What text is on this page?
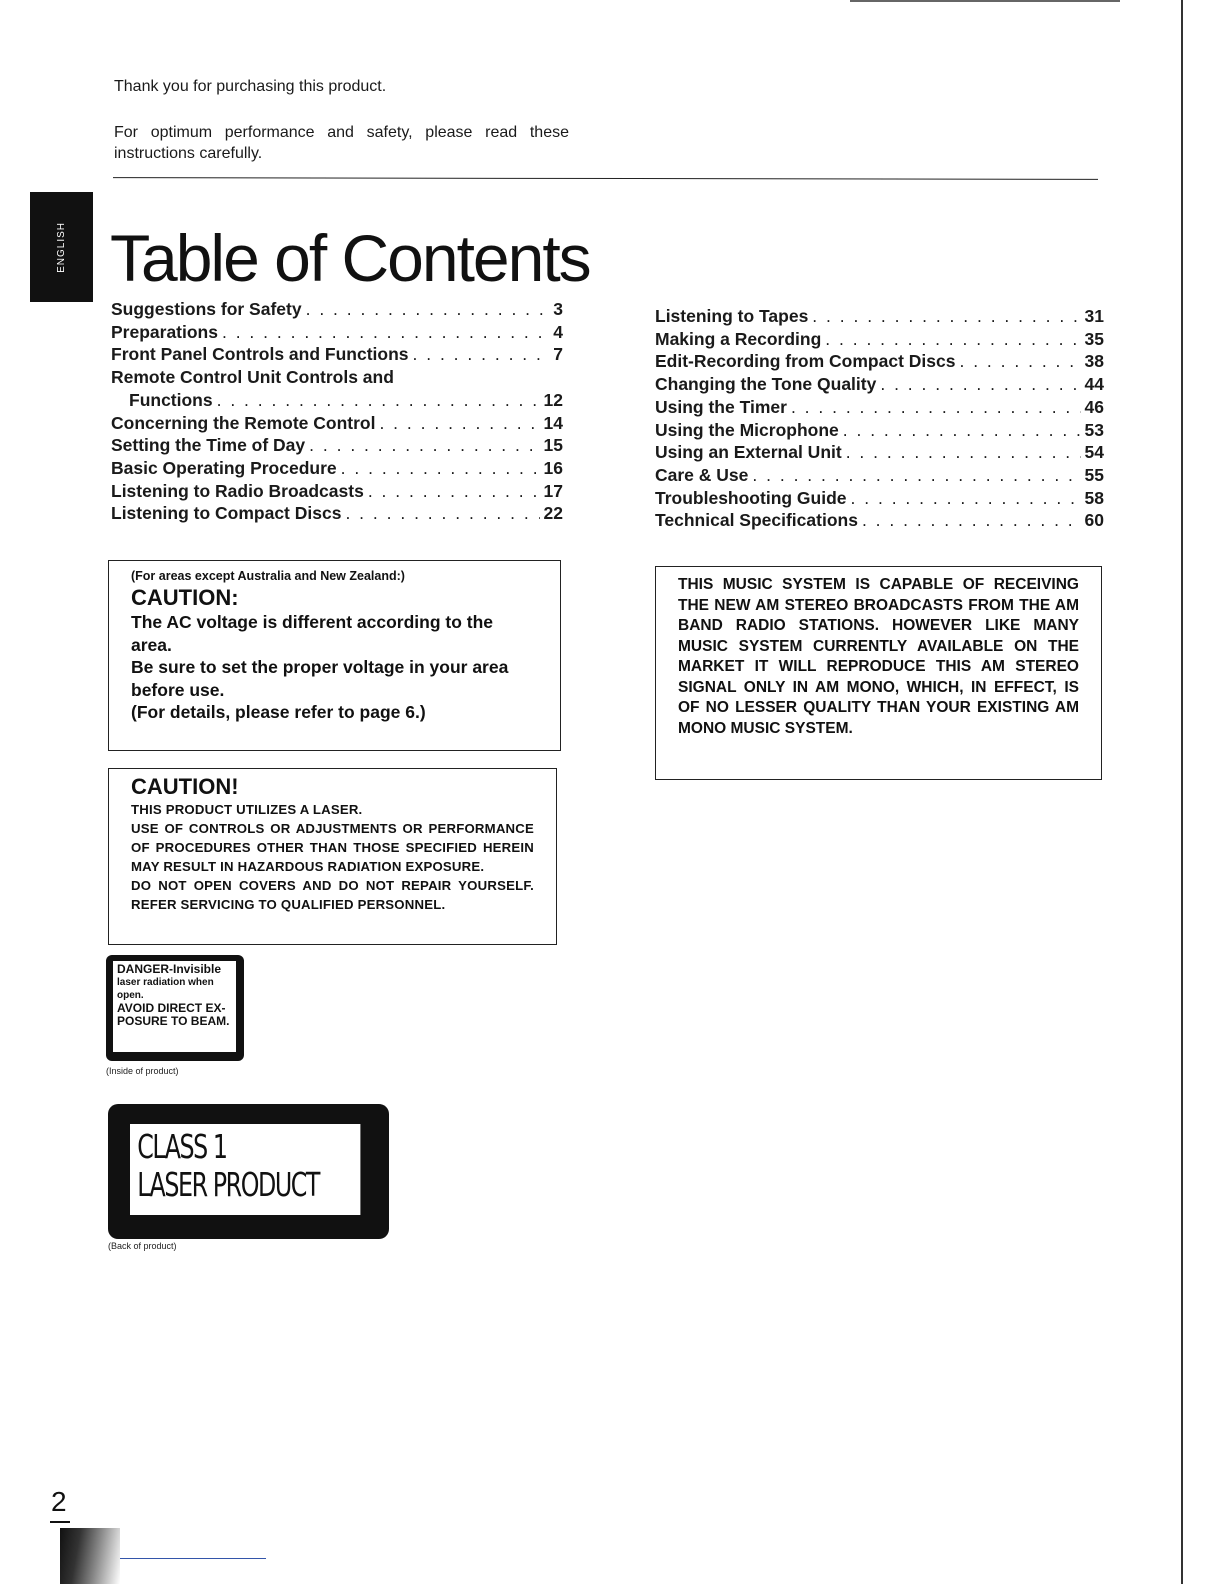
Thank you for purchasing this product.
For optimum performance and safety, please read these instructions carefully.
ENGLISH Table of Contents
Suggestions for Safety . . .	3
Preparations . . .	4
Front Panel Controls and Functions . . .	7
Remote Control Unit Controls and
Functions . . .	12
Concerning the Remote Control . . .	14
Setting the Time of Day . . .	15
Basic Operating Procedure . . .	16
Listening to Radio Broadcasts . . .	17
Listening to Compact Discs . . .	22
Listening to Tapes . . .	31
Making a Recording . . .	35
Edit-Recording from Compact Discs . . .	38
Changing the Tone Quality . . .	44
Using the Timer . . .	46
Using the Microphone . . .	53
Using an External Unit . . .	54
Care & Use . . .	55
Troubleshooting Guide . . .	58
Technical Specifications . . .	60
(For areas except Australia and New Zealand:)
CAUTION:
The AC voltage is different according to the area.
Be sure to set the proper voltage in your area before use.
(For details, please refer to page 6.)
CAUTION!
THIS PRODUCT UTILIZES A LASER.
USE OF CONTROLS OR ADJUSTMENTS OR PERFORMANCE OF PROCEDURES OTHER THAN THOSE SPECIFIED HEREIN MAY RESULT IN HAZARDOUS RADIATION EXPOSURE.
DO NOT OPEN COVERS AND DO NOT REPAIR YOURSELF. REFER SERVICING TO QUALIFIED PERSONNEL.
THIS MUSIC SYSTEM IS CAPABLE OF RECEIVING THE NEW AM STEREO BROADCASTS FROM THE AM BAND RADIO STATIONS. HOWEVER LIKE MANY MUSIC SYSTEM CURRENTLY AVAILABLE ON THE MARKET IT WILL REPRODUCE THIS AM STEREO SIGNAL ONLY IN AM MONO, WHICH, IN EFFECT, IS OF NO LESSER QUALITY THAN YOUR EXISTING AM MONO MUSIC SYSTEM.
DANGER-Invisible
laser radiation when
open.
AVOID DIRECT EX-
POSURE TO BEAM.
(Inside of product)
CLASS 1
LASER PRODUCT
(Back of product)
2
